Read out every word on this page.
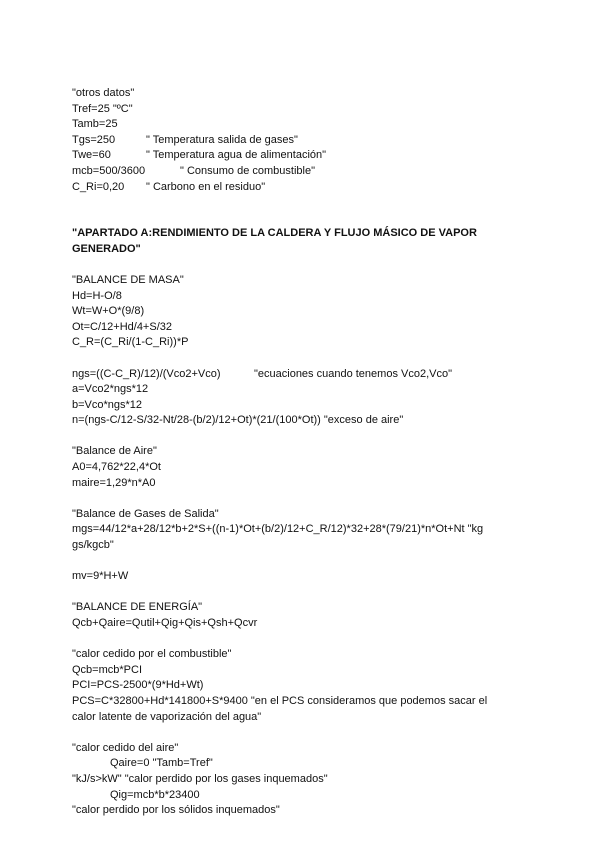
"otros datos"
Tref=25 "ºC"
Tamb=25
Tgs=250	" Temperatura salida de gases"
Twe=60	" Temperatura agua de alimentación"
mcb=500/3600	" Consumo de combustible"
C_Ri=0,20 " Carbono en el residuo"
"APARTADO A:RENDIMIENTO DE LA CALDERA Y FLUJO MÁSICO DE VAPOR GENERADO"
"BALANCE DE MASA"
Hd=H-O/8
Wt=W+O*(9/8)
Ot=C/12+Hd/4+S/32
C_R=(C_Ri/(1-C_Ri))*P
ngs=((C-C_R)/12)/(Vco2+Vco)	"ecuaciones cuando tenemos Vco2,Vco"
a=Vco2*ngs*12
b=Vco*ngs*12
n=(ngs-C/12-S/32-Nt/28-(b/2)/12+Ot)*(21/(100*Ot)) "exceso de aire"
"Balance de Aire"
A0=4,762*22,4*Ot
maire=1,29*n*A0
"Balance de Gases de Salida"
mgs=44/12*a+28/12*b+2*S+((n-1)*Ot+(b/2)/12+C_R/12)*32+28*(79/21)*n*Ot+Nt "kg gs/kgcb"
mv=9*H+W
"BALANCE DE ENERGÍA"
Qcb+Qaire=Qutil+Qig+Qis+Qsh+Qcvr
"calor cedido por el combustible"
Qcb=mcb*PCI
PCI=PCS-2500*(9*Hd+Wt)
PCS=C*32800+Hd*141800+S*9400 "en el PCS consideramos que podemos sacar el calor latente de vaporización del agua"
"calor cedido del aire"
Qaire=0 "Tamb=Tref"
"kJ/s>kW" "calor perdido por los gases inquemados"
Qig=mcb*b*23400
"calor perdido por los sólidos inquemados"
